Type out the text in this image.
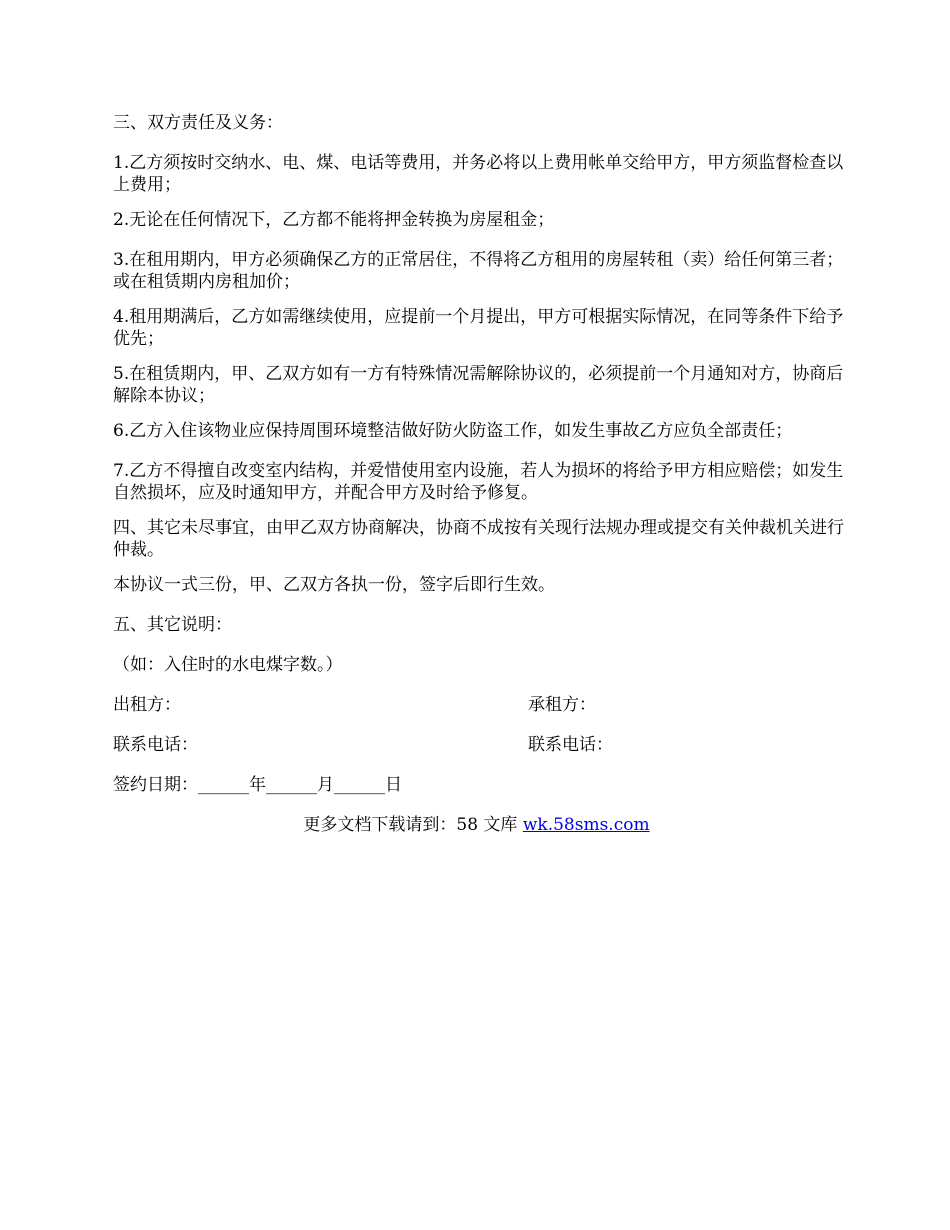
三、双方责任及义务：

1.乙方须按时交纳水、电、煤、电话等费用，并务必将以上费用帐单交给甲方，甲方须监督检查以上费用；

2.无论在任何情况下，乙方都不能将押金转换为房屋租金；

3.在租用期内，甲方必须确保乙方的正常居住，不得将乙方租用的房屋转租（卖）给任何第三者；或在租赁期内房租加价；

4.租用期满后，乙方如需继续使用，应提前一个月提出，甲方可根据实际情况，在同等条件下给予优先；

5.在租赁期内，甲、乙双方如有一方有特殊情况需解除协议的，必须提前一个月通知对方，协商后解除本协议；

6.乙方入住该物业应保持周围环境整洁做好防火防盗工作，如发生事故乙方应负全部责任；

7.乙方不得擅自改变室内结构，并爱惜使用室内设施，若人为损坏的将给予甲方相应赔偿；如发生自然损坏，应及时通知甲方，并配合甲方及时给予修复。

四、其它未尽事宜，由甲乙双方协商解决，协商不成按有关现行法规办理或提交有关仲裁机关进行仲裁。

本协议一式三份，甲、乙双方各执一份，签字后即行生效。

五、其它说明：

（如：入住时的水电煤字数。）

出租方：	承租方：
联系电话：	联系电话：
签约日期：______年______月______日
更多文档下载请到：58 文库 wk.58sms.com
